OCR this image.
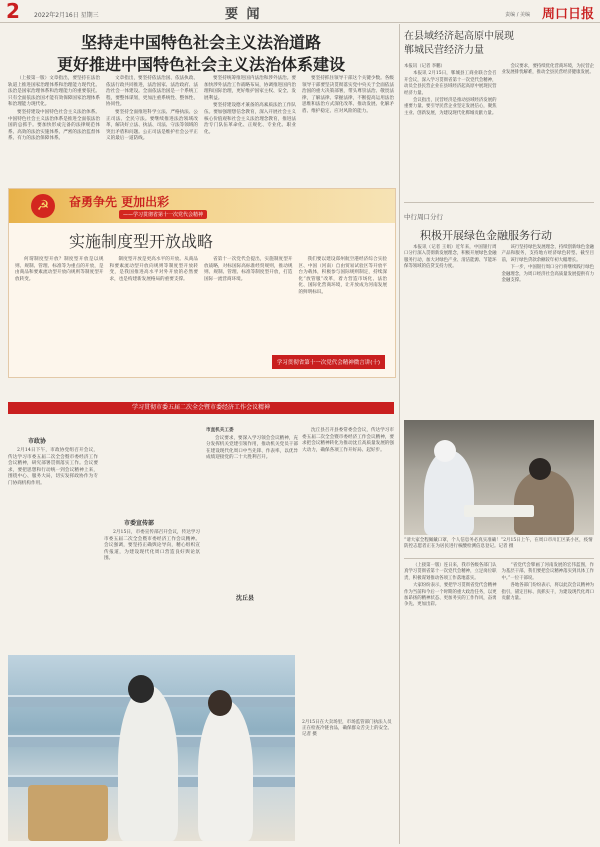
2	2022年2月16日 星期三	要 闻	责编 / 美编 周口日报
坚持走中国特色社会主义法治道路
更好推进中国特色社会主义法治体系建设

（上接第一版）文章指出，要坚持在法治轨道上推进国家治理体系和治理能力现代化。法治是国家治理体系和治理能力的重要依托。只有全面依法治国才能有效保障国家治理体系和治理能力现代化。

要坚持建设中国特色社会主义法治体系。中国特色社会主义法治体系是推进全面依法治国的总抓手。要加快形成完备的法律规范体系、高效的法治实施体系、严密的法治监督体系、有力的法治保障体系。

文章指出，要坚持依法治国、依法执政、依法行政共同推进，法治国家、法治政府、法治社会一体建设。全面依法治国是一个系统工程，要整体谋划，更加注重系统性、整体性、协同性。

要坚持全面推进科学立法、严格执法、公正司法、全民守法。要继续推进法治领域改革，解决好立法、执法、司法、守法等领域的突出矛盾和问题。公正司法是维护社会公平正义的最后一道防线。

要坚持统筹推进国内法治和涉外法治。要加快涉外法治工作战略布局，协调推进国内治理和国际治理，更好维护国家主权、安全、发展利益。

要坚持建设德才兼备的高素质法治工作队伍。要加强理想信念教育，深入开展社会主义核心价值观和社会主义法治理念教育，推进法治专门队伍革命化、正规化、专业化、职业化。

要坚持抓住领导干部这个关键少数。各级领导干部要坚决贯彻落实党中央关于全面依法治国的重大决策部署，带头尊崇法治、敬畏法律，了解法律、掌握法律，不断提高运用法治思维和法治方式深化改革、推动发展、化解矛盾、维护稳定、应对风险的能力。

☭	奋勇争先 更加出彩
——学习贯彻省第十一次党代会精神
实施制度型开放战略

何谓制度型开放？制度型开放是以规则、规制、管理、标准等为重点的开放，是由商品和要素流动型开放向规则等制度型开放转变。

制度型开放是更高水平的开放。从商品和要素流动型开放向规则等制度型开放转变，是我国推进高水平对外开放的必然要求，也是构建新发展格局的重要支撑。

省第十一次党代会提出，实施制度型开放战略，对标国际高标准经贸规则，推动规则、规制、管理、标准等制度型开放，打造国际一流营商环境。

我们要以建设郑州航空港经济综合实验区、中国（河南）自由贸易试验区等开放平台为载体，积极参与国际规则制定，持续深化“放管服”改革，着力营造市场化、法治化、国际化营商环境，让开放成为河南发展的鲜明标识。

学习贯彻省第十一次党代会精神微言讲(十)
学习贯彻市委五届二次全会暨市委经济工作会议精神
市政协

2月14日下午，市政协党组召开会议，传达学习市委五届二次全会暨市委经济工作会议精神，研究部署贯彻落实工作。会议要求，要把思想和行动统一到会议精神上来，围绕中心、服务大局，切实发挥政协作为专门协商机构作用。

市委宣传部

2月15日，市委宣传部召开会议，传达学习市委五届二次全会暨市委经济工作会议精神。会议强调，要坚持正确舆论导向，精心组织宣传报道，为建设现代化周口营造良好舆论氛围。

市直机关工委

会议要求，要深入学习领会会议精神，充分发挥机关党建引领作用，推动机关党员干部在建设现代化周口中当先锋、作表率，以优异成绩迎接党的二十大胜利召开。

沈丘县

沈丘县召开县委常委会会议，传达学习市委五届二次全会暨市委经济工作会议精神，要求把会议精神转化为推动沈丘高质量发展的强大动力，确保各项工作开好局、起好步。

2月15日在大卖场里，市场监管部门执法人员正在检查冷链食品，确保群众舌尖上的安全。记者 摄
在县域经济起高原中展现
郸城民营经济力量

本报讯（记者 李鹏）

本报讯 2月15日，郸城县工商业联合会召开会议，深入学习贯彻省第十一次党代会精神，动员全县民营企业在县域经济起高原中展现民营经济力量。

会议指出，民营经济是推动县域经济发展的重要力量。要引导民营企业坚定发展信心，聚焦主业、创新发展，为建设现代化郸城贡献力量。

会议要求，要持续优化营商环境，为民营企业发展排忧解难，推动全县民营经济健康发展。

中行周口分行
积极开展绿色金融服务行动

本报讯（记者 王娟）近年来，中国银行周口分行深入贯彻新发展理念，积极开展绿色金融服务行动，加大对绿色产业、清洁能源、节能环保等领域的信贷支持力度。

该行坚持绿色发展理念，持续创新绿色金融产品和服务，支持地方经济绿色转型。截至目前，该行绿色贷款余额较年初大幅增长。

下一步，中国银行周口分行将继续践行绿色金融理念，为周口经济社会高质量发展提供有力金融支撑。

“请大家全程佩戴口罩，个人信息务必真实准确！”2月15日上午，在周口市川汇区某小区，疫情防控志愿者正在为居民进行核酸检测信息登记。记者 摄

（上接第一版）连日来，我市各级各部门认真学习贯彻省第十一次党代会精神，立足岗位职责，积极谋划推动各项工作落地落实。

大家纷纷表示，要把学习贯彻省党代会精神作为当前和今后一个时期的重大政治任务，以更加昂扬的精神状态、更加务实的工作作风，奋勇争先、更加出彩。

“省党代会擘画了河南发展的宏伟蓝图，作为基层干部，我们要把会议精神落实到具体工作中。”一位干部说。

各地各部门纷纷表示，将以此次会议精神为指引，锚定目标、真抓实干，为建设现代化周口贡献力量。
